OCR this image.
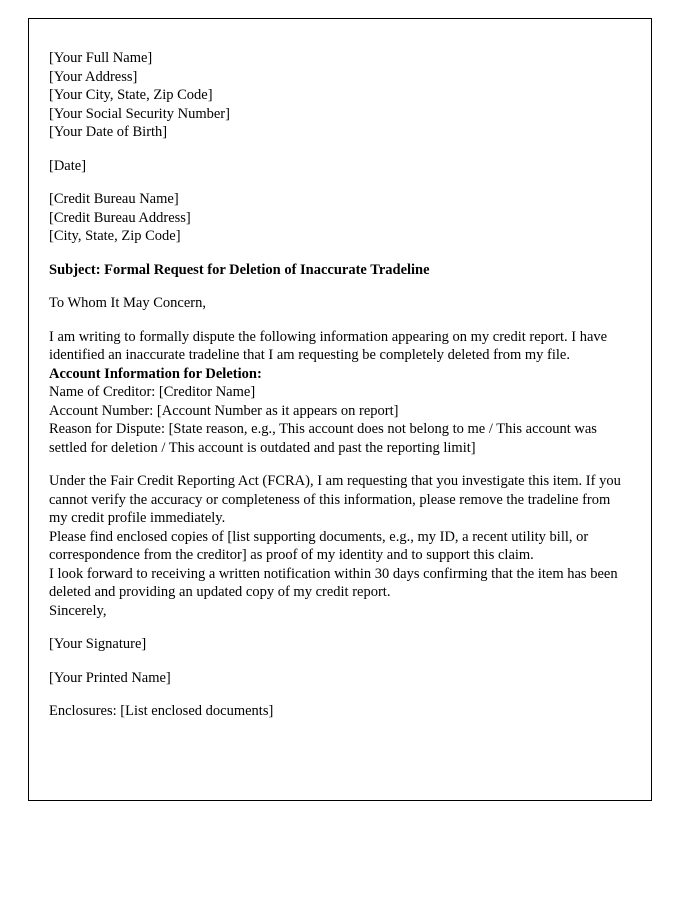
[Your Full Name]
[Your Address]
[Your City, State, Zip Code]
[Your Social Security Number]
[Your Date of Birth]
[Date]
[Credit Bureau Name]
[Credit Bureau Address]
[City, State, Zip Code]
Subject: Formal Request for Deletion of Inaccurate Tradeline
To Whom It May Concern,

I am writing to formally dispute the following information appearing on my credit report. I have identified an inaccurate tradeline that I am requesting be completely deleted from my file.

Account Information for Deletion:
Name of Creditor: [Creditor Name]
Account Number: [Account Number as it appears on report]
Reason for Dispute: [State reason, e.g., This account does not belong to me / This account was settled for deletion / This account is outdated and past the reporting limit]

Under the Fair Credit Reporting Act (FCRA), I am requesting that you investigate this item. If you cannot verify the accuracy or completeness of this information, please remove the tradeline from my credit profile immediately.

Please find enclosed copies of [list supporting documents, e.g., my ID, a recent utility bill, or correspondence from the creditor] as proof of my identity and to support this claim.

I look forward to receiving a written notification within 30 days confirming that the item has been deleted and providing an updated copy of my credit report.

Sincerely,
[Your Signature]
[Your Printed Name]
Enclosures: [List enclosed documents]
